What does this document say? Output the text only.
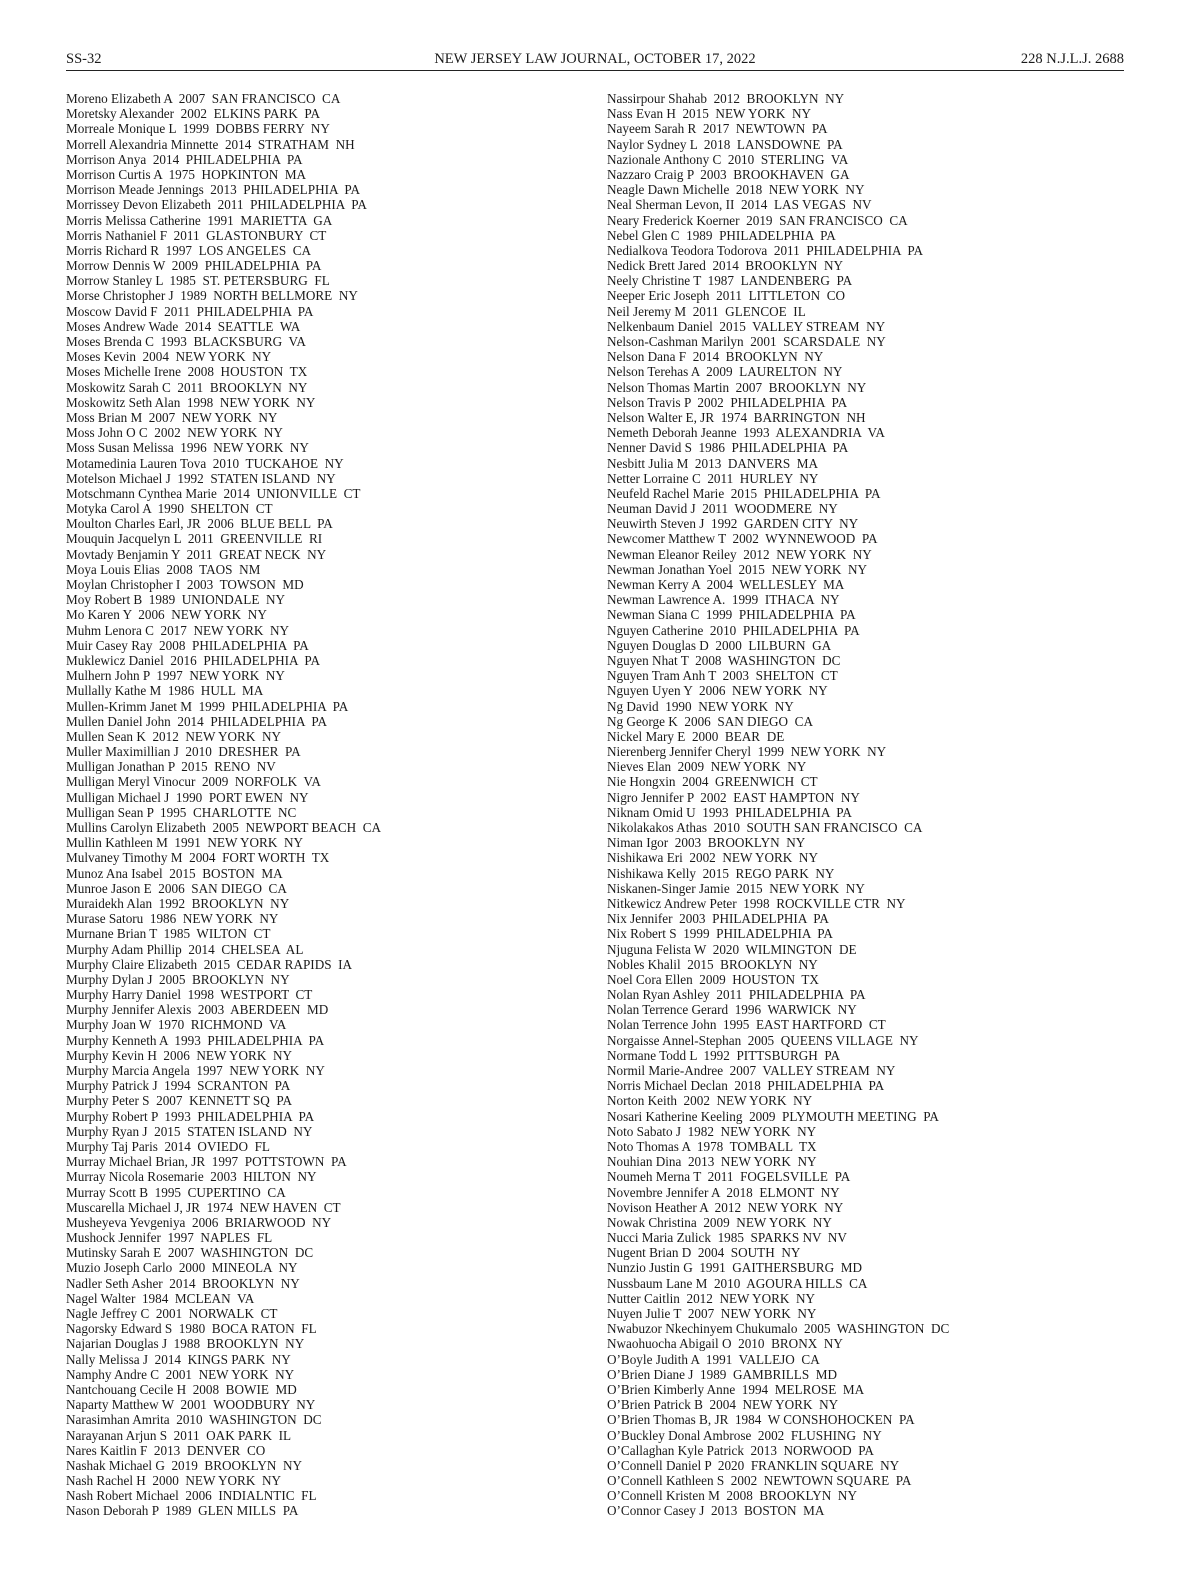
SS-32	NEW JERSEY LAW JOURNAL, OCTOBER 17, 2022	228 N.J.L.J. 2688
Moreno Elizabeth A  2007  SAN FRANCISCO  CA
Moretsky Alexander  2002  ELKINS PARK  PA
Morreale Monique L  1999  DOBBS FERRY  NY
Morrell Alexandria Minnette  2014  STRATHAM  NH
Morrison Anya  2014  PHILADELPHIA  PA
Morrison Curtis A  1975  HOPKINTON  MA
Morrison Meade Jennings  2013  PHILADELPHIA  PA
Morrissey Devon Elizabeth  2011  PHILADELPHIA  PA
Morris Melissa Catherine  1991  MARIETTA  GA
Morris Nathaniel F  2011  GLASTONBURY  CT
Morris Richard R  1997  LOS ANGELES  CA
Morrow Dennis W  2009  PHILADELPHIA  PA
Morrow Stanley L  1985  ST. PETERSBURG  FL
Morse Christopher J  1989  NORTH BELLMORE  NY
Moscow David F  2011  PHILADELPHIA  PA
Moses Andrew Wade  2014  SEATTLE  WA
Moses Brenda C  1993  BLACKSBURG  VA
Moses Kevin  2004  NEW YORK  NY
Moses Michelle Irene  2008  HOUSTON  TX
Moskowitz Sarah C  2011  BROOKLYN  NY
Moskowitz Seth Alan  1998  NEW YORK  NY
Moss Brian M  2007  NEW YORK  NY
Moss John O C  2002  NEW YORK  NY
Moss Susan Melissa  1996  NEW YORK  NY
Motamedinia Lauren Tova  2010  TUCKAHOE  NY
Motelson Michael J  1992  STATEN ISLAND  NY
Motschmann Cynthea Marie  2014  UNIONVILLE  CT
Motyka Carol A  1990  SHELTON  CT
Moulton Charles Earl, JR  2006  BLUE BELL  PA
Mouquin Jacquelyn L  2011  GREENVILLE  RI
Movtady Benjamin Y  2011  GREAT NECK  NY
Moya Louis Elias  2008  TAOS  NM
Moylan Christopher I  2003  TOWSON  MD
Moy Robert B  1989  UNIONDALE  NY
Mo Karen Y  2006  NEW YORK  NY
Muhm Lenora C  2017  NEW YORK  NY
Muir Casey Ray  2008  PHILADELPHIA  PA
Muklewicz Daniel  2016  PHILADELPHIA  PA
Mulhern John P  1997  NEW YORK  NY
Mullally Kathe M  1986  HULL  MA
Mullen-Krimm Janet M  1999  PHILADELPHIA  PA
Mullen Daniel John  2014  PHILADELPHIA  PA
Mullen Sean K  2012  NEW YORK  NY
Muller Maximillian J  2010  DRESHER  PA
Mulligan Jonathan P  2015  RENO  NV
Mulligan Meryl Vinocur  2009  NORFOLK  VA
Mulligan Michael J  1990  PORT EWEN  NY
Mulligan Sean P  1995  CHARLOTTE  NC
Mullins Carolyn Elizabeth  2005  NEWPORT BEACH  CA
Mullin Kathleen M  1991  NEW YORK  NY
Mulvaney Timothy M  2004  FORT WORTH  TX
Munoz Ana Isabel  2015  BOSTON  MA
Munroe Jason E  2006  SAN DIEGO  CA
Muraidekh Alan  1992  BROOKLYN  NY
Murase Satoru  1986  NEW YORK  NY
Murnane Brian T  1985  WILTON  CT
Murphy Adam Phillip  2014  CHELSEA  AL
Murphy Claire Elizabeth  2015  CEDAR RAPIDS  IA
Murphy Dylan J  2005  BROOKLYN  NY
Murphy Harry Daniel  1998  WESTPORT  CT
Murphy Jennifer Alexis  2003  ABERDEEN  MD
Murphy Joan W  1970  RICHMOND  VA
Murphy Kenneth A  1993  PHILADELPHIA  PA
Murphy Kevin H  2006  NEW YORK  NY
Murphy Marcia Angela  1997  NEW YORK  NY
Murphy Patrick J  1994  SCRANTON  PA
Murphy Peter S  2007  KENNETT SQ  PA
Murphy Robert P  1993  PHILADELPHIA  PA
Murphy Ryan J  2015  STATEN ISLAND  NY
Murphy Taj Paris  2014  OVIEDO  FL
Murray Michael Brian, JR  1997  POTTSTOWN  PA
Murray Nicola Rosemarie  2003  HILTON  NY
Murray Scott B  1995  CUPERTINO  CA
Muscarella Michael J, JR  1974  NEW HAVEN  CT
Musheyeva Yevgeniya  2006  BRIARWOOD  NY
Mushock Jennifer  1997  NAPLES  FL
Mutinsky Sarah E  2007  WASHINGTON  DC
Muzio Joseph Carlo  2000  MINEOLA  NY
Nadler Seth Asher  2014  BROOKLYN  NY
Nagel Walter  1984  MCLEAN  VA
Nagle Jeffrey C  2001  NORWALK  CT
Nagorsky Edward S  1980  BOCA RATON  FL
Najarian Douglas J  1988  BROOKLYN  NY
Nally Melissa J  2014  KINGS PARK  NY
Namphy Andre C  2001  NEW YORK  NY
Nantchouang Cecile H  2008  BOWIE  MD
Naparty Matthew W  2001  WOODBURY  NY
Narasimhan Amrita  2010  WASHINGTON  DC
Narayanan Arjun S  2011  OAK PARK  IL
Nares Kaitlin F  2013  DENVER  CO
Nashak Michael G  2019  BROOKLYN  NY
Nash Rachel H  2000  NEW YORK  NY
Nash Robert Michael  2006  INDIALNTIC  FL
Nason Deborah P  1989  GLEN MILLS  PA
Nassirpour Shahab  2012  BROOKLYN  NY
Nass Evan H  2015  NEW YORK  NY
Nayeem Sarah R  2017  NEWTOWN  PA
Naylor Sydney L  2018  LANSDOWNE  PA
Nazionale Anthony C  2010  STERLING  VA
Nazzaro Craig P  2003  BROOKHAVEN  GA
Neagle Dawn Michelle  2018  NEW YORK  NY
Neal Sherman Levon, II  2014  LAS VEGAS  NV
Neary Frederick Koerner  2019  SAN FRANCISCO  CA
Nebel Glen C  1989  PHILADELPHIA  PA
Nedialkova Teodora Todorova  2011  PHILADELPHIA  PA
Nedick Brett Jared  2014  BROOKLYN  NY
Neely Christine T  1987  LANDENBERG  PA
Neeper Eric Joseph  2011  LITTLETON  CO
Neil Jeremy M  2011  GLENCOE  IL
Nelkenbaum Daniel  2015  VALLEY STREAM  NY
Nelson-Cashman Marilyn  2001  SCARSDALE  NY
Nelson Dana F  2014  BROOKLYN  NY
Nelson Terehas A  2009  LAURELTON  NY
Nelson Thomas Martin  2007  BROOKLYN  NY
Nelson Travis P  2002  PHILADELPHIA  PA
Nelson Walter E, JR  1974  BARRINGTON  NH
Nemeth Deborah Jeanne  1993  ALEXANDRIA  VA
Nenner David S  1986  PHILADELPHIA  PA
Nesbitt Julia M  2013  DANVERS  MA
Netter Lorraine C  2011  HURLEY  NY
Neufeld Rachel Marie  2015  PHILADELPHIA  PA
Neuman David J  2011  WOODMERE  NY
Neuwirth Steven J  1992  GARDEN CITY  NY
Newcomer Matthew T  2002  WYNNEWOOD  PA
Newman Eleanor Reiley  2012  NEW YORK  NY
Newman Jonathan Yoel  2015  NEW YORK  NY
Newman Kerry A  2004  WELLESLEY  MA
Newman Lawrence A.  1999  ITHACA  NY
Newman Siana C  1999  PHILADELPHIA  PA
Nguyen Catherine  2010  PHILADELPHIA  PA
Nguyen Douglas D  2000  LILBURN  GA
Nguyen Nhat T  2008  WASHINGTON  DC
Nguyen Tram Anh T  2003  SHELTON  CT
Nguyen Uyen Y  2006  NEW YORK  NY
Ng David  1990  NEW YORK  NY
Ng George K  2006  SAN DIEGO  CA
Nickel Mary E  2000  BEAR  DE
Nierenberg Jennifer Cheryl  1999  NEW YORK  NY
Nieves Elan  2009  NEW YORK  NY
Nie Hongxin  2004  GREENWICH  CT
Nigro Jennifer P  2002  EAST HAMPTON  NY
Niknam Omid U  1993  PHILADELPHIA  PA
Nikolakakos Athas  2010  SOUTH SAN FRANCISCO  CA
Niman Igor  2003  BROOKLYN  NY
Nishikawa Eri  2002  NEW YORK  NY
Nishikawa Kelly  2015  REGO PARK  NY
Niskanen-Singer Jamie  2015  NEW YORK  NY
Nitkewicz Andrew Peter  1998  ROCKVILLE CTR  NY
Nix Jennifer  2003  PHILADELPHIA  PA
Nix Robert S  1999  PHILADELPHIA  PA
Njuguna Felista W  2020  WILMINGTON  DE
Nobles Khalil  2015  BROOKLYN  NY
Noel Cora Ellen  2009  HOUSTON  TX
Nolan Ryan Ashley  2011  PHILADELPHIA  PA
Nolan Terrence Gerard  1996  WARWICK  NY
Nolan Terrence John  1995  EAST HARTFORD  CT
Norgaisse Annel-Stephan  2005  QUEENS VILLAGE  NY
Normane Todd L  1992  PITTSBURGH  PA
Normil Marie-Andree  2007  VALLEY STREAM  NY
Norris Michael Declan  2018  PHILADELPHIA  PA
Norton Keith  2002  NEW YORK  NY
Nosari Katherine Keeling  2009  PLYMOUTH MEETING  PA
Noto Sabato J  1982  NEW YORK  NY
Noto Thomas A  1978  TOMBALL  TX
Nouhian Dina  2013  NEW YORK  NY
Noumeh Merna T  2011  FOGELSVILLE  PA
Novembre Jennifer A  2018  ELMONT  NY
Novison Heather A  2012  NEW YORK  NY
Nowak Christina  2009  NEW YORK  NY
Nucci Maria Zulick  1985  SPARKS NV  NV
Nugent Brian D  2004  SOUTH  NY
Nunzio Justin G  1991  GAITHERSBURG  MD
Nussbaum Lane M  2010  AGOURA HILLS  CA
Nutter Caitlin  2012  NEW YORK  NY
Nuyen Julie T  2007  NEW YORK  NY
Nwabuzor Nkechinyem Chukumalo  2005  WASHINGTON  DC
Nwaohuocha Abigail O  2010  BRONX  NY
O’Boyle Judith A  1991  VALLEJO  CA
O’Brien Diane J  1989  GAMBRILLS  MD
O’Brien Kimberly Anne  1994  MELROSE  MA
O’Brien Patrick B  2004  NEW YORK  NY
O’Brien Thomas B, JR  1984  W CONSHOHOCKEN  PA
O’Buckley Donal Ambrose  2002  FLUSHING  NY
O’Callaghan Kyle Patrick  2013  NORWOOD  PA
O’Connell Daniel P  2020  FRANKLIN SQUARE  NY
O’Connell Kathleen S  2002  NEWTOWN SQUARE  PA
O’Connell Kristen M  2008  BROOKLYN  NY
O’Connor Casey J  2013  BOSTON  MA
